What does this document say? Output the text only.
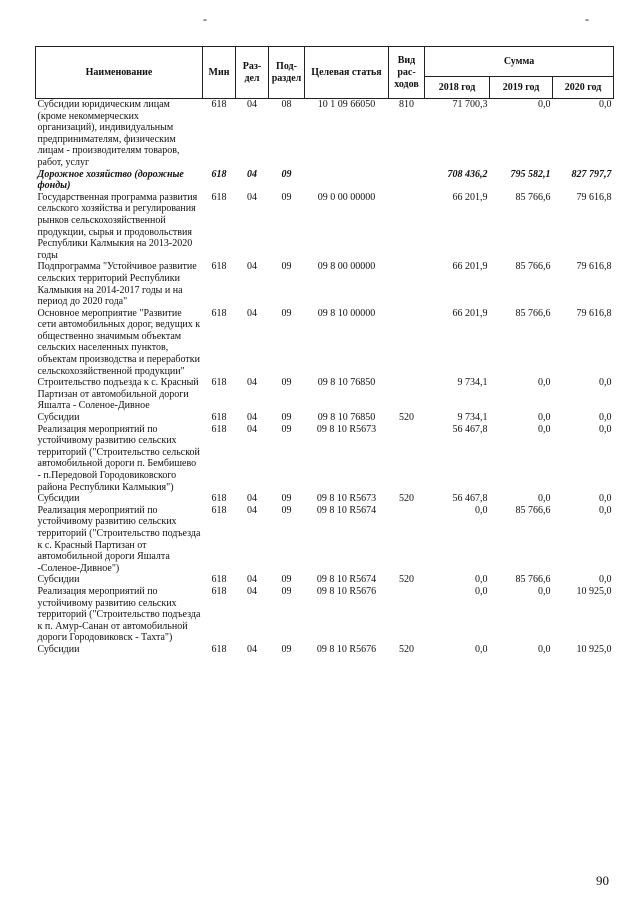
-	-
Наименование	Мин	Раз-дел	Под-раздел	Целевая статья	Вид рас-ходов	Сумма		
						2018 год	2019 год	2020 год
Субсидии юридическим лицам (кроме некоммерческих организаций), индивидуальным предпринимателям, физическим лицам - производителям товаров, работ, услуг	618	04	08	10 1 09 66050	810	71 700,3	0,0	0,0
Дорожное хозяйство (дорожные фонды)	618	04	09			708 436,2	795 582,1	827 797,7
Государственная программа развития сельского хозяйства и регулирования рынков сельскохозяйственной продукции, сырья и продовольствия Республики Калмыкия на 2013-2020 годы	618	04	09	09 0 00 00000		66 201,9	85 766,6	79 616,8
Подпрограмма "Устойчивое развитие сельских территорий Республики Калмыкия на 2014-2017 годы и на период до 2020 года"	618	04	09	09 8 00 00000		66 201,9	85 766,6	79 616,8
Основное мероприятие "Развитие сети автомобильных дорог, ведущих к общественно значимым объектам сельских населенных пунктов, объектам производства и переработки сельскохозяйственной продукции"	618	04	09	09 8 10 00000		66 201,9	85 766,6	79 616,8
Строительство подъезда к с. Красный Партизан от автомобильной дороги Яшалта - Соленое-Дивное	618	04	09	09 8 10 76850		9 734,1	0,0	0,0
Субсидии	618	04	09	09 8 10 76850	520	9 734,1	0,0	0,0
Реализация мероприятий по устойчивому развитию сельских территорий ("Строительство сельской автомобильной дороги п. Бембишево - п.Передовой Городовиковского района Республики Калмыкия")	618	04	09	09 8 10 R5673		56 467,8	0,0	0,0
Субсидии	618	04	09	09 8 10 R5673	520	56 467,8	0,0	0,0
Реализация мероприятий по устойчивому развитию сельских территорий ("Строительство подъезда к с. Красный Партизан от автомобильной дороги Яшалта -Соленое-Дивное")	618	04	09	09 8 10 R5674		0,0	85 766,6	0,0
Субсидии	618	04	09	09 8 10 R5674	520	0,0	85 766,6	0,0
Реализация мероприятий по устойчивому развитию сельских территорий ("Строительство подъезда к п. Амур-Санан от автомобильной дороги Городовиковск - Тахта")	618	04	09	09 8 10 R5676		0,0	0,0	10 925,0
Субсидии	618	04	09	09 8 10 R5676	520	0,0	0,0	10 925,0
90
